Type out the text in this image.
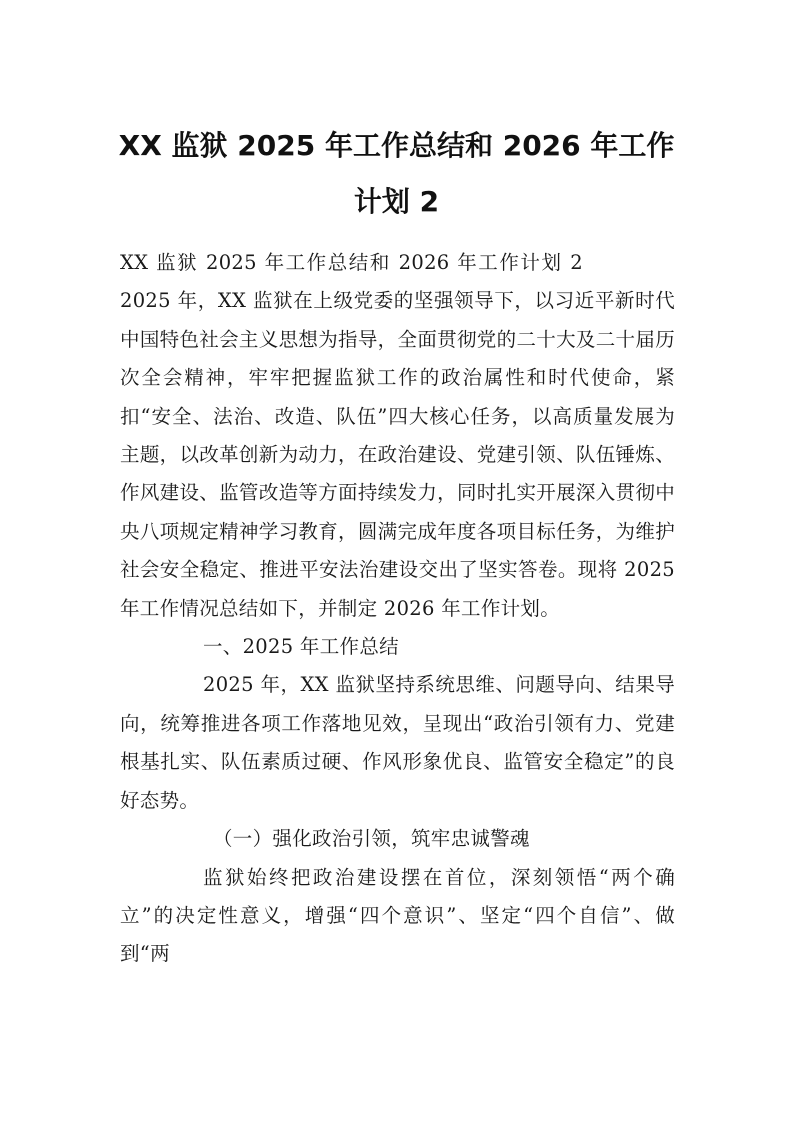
XX 监狱 2025 年工作总结和 2026 年工作计划 2

XX 监狱 2025 年工作总结和 2026 年工作计划 22025 年，XX 监狱在上级党委的坚强领导下，以习近平新时代中国特色社会主义思想为指导，全面贯彻党的二十大及二十届历次全会精神，牢牢把握监狱工作的政治属性和时代使命，紧扣“安全、法治、改造、队伍”四大核心任务，以高质量发展为主题，以改革创新为动力，在政治建设、党建引领、队伍锤炼、作风建设、监管改造等方面持续发力，同时扎实开展深入贯彻中央八项规定精神学习教育，圆满完成年度各项目标任务，为维护社会安全稳定、推进平安法治建设交出了坚实答卷。现将 2025 年工作情况总结如下，并制定 2026 年工作计划。

一、2025 年工作总结

2025 年，XX 监狱坚持系统思维、问题导向、结果导向，统筹推进各项工作落地见效，呈现出“政治引领有力、党建根基扎实、队伍素质过硬、作风形象优良、监管安全稳定”的良好态势。

（一）强化政治引领，筑牢忠诚警魂

监狱始终把政治建设摆在首位，深刻领悟“两个确立”的决定性意义，增强“四个意识”、坚定“四个自信”、做到“两
